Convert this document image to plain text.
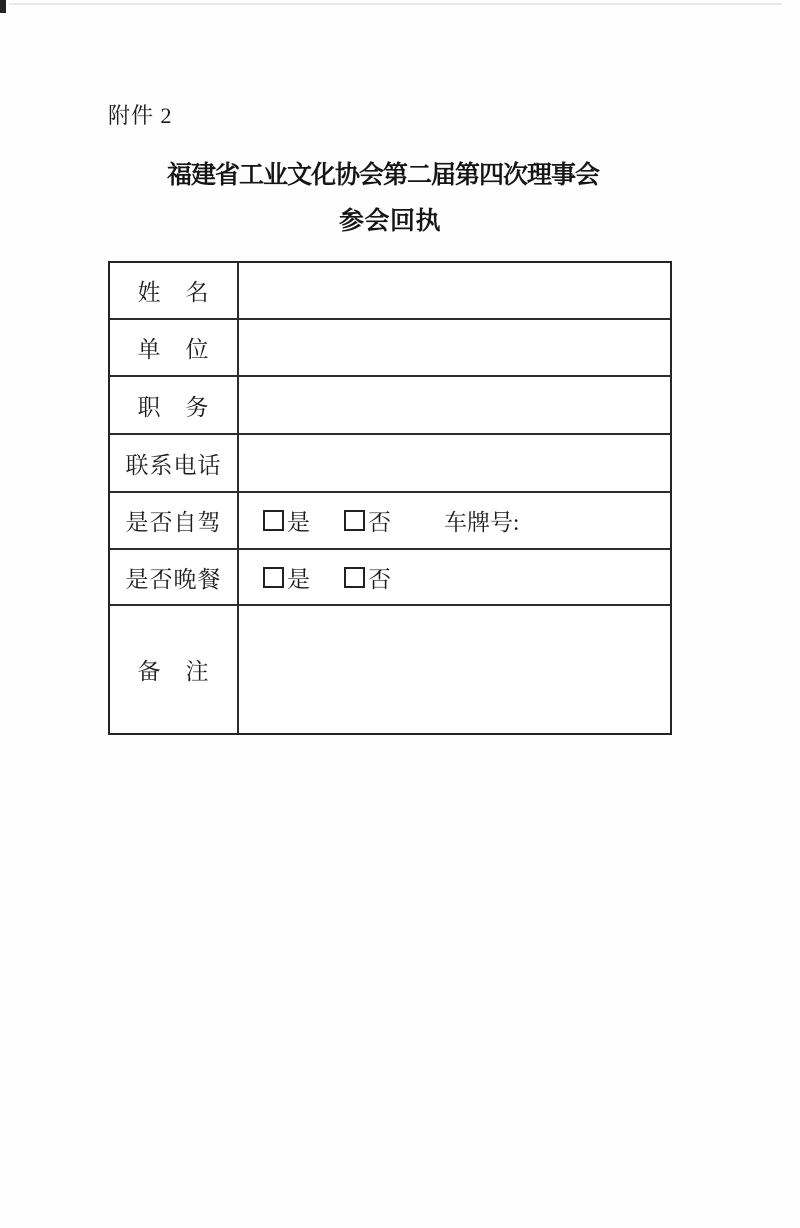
附件 2
福建省工业文化协会第二届第四次理事会
参会回执
姓　名
单　位
职　务
联系电话
是否自驾	是	否 车牌号:
是否晚餐	是	否
备　注
